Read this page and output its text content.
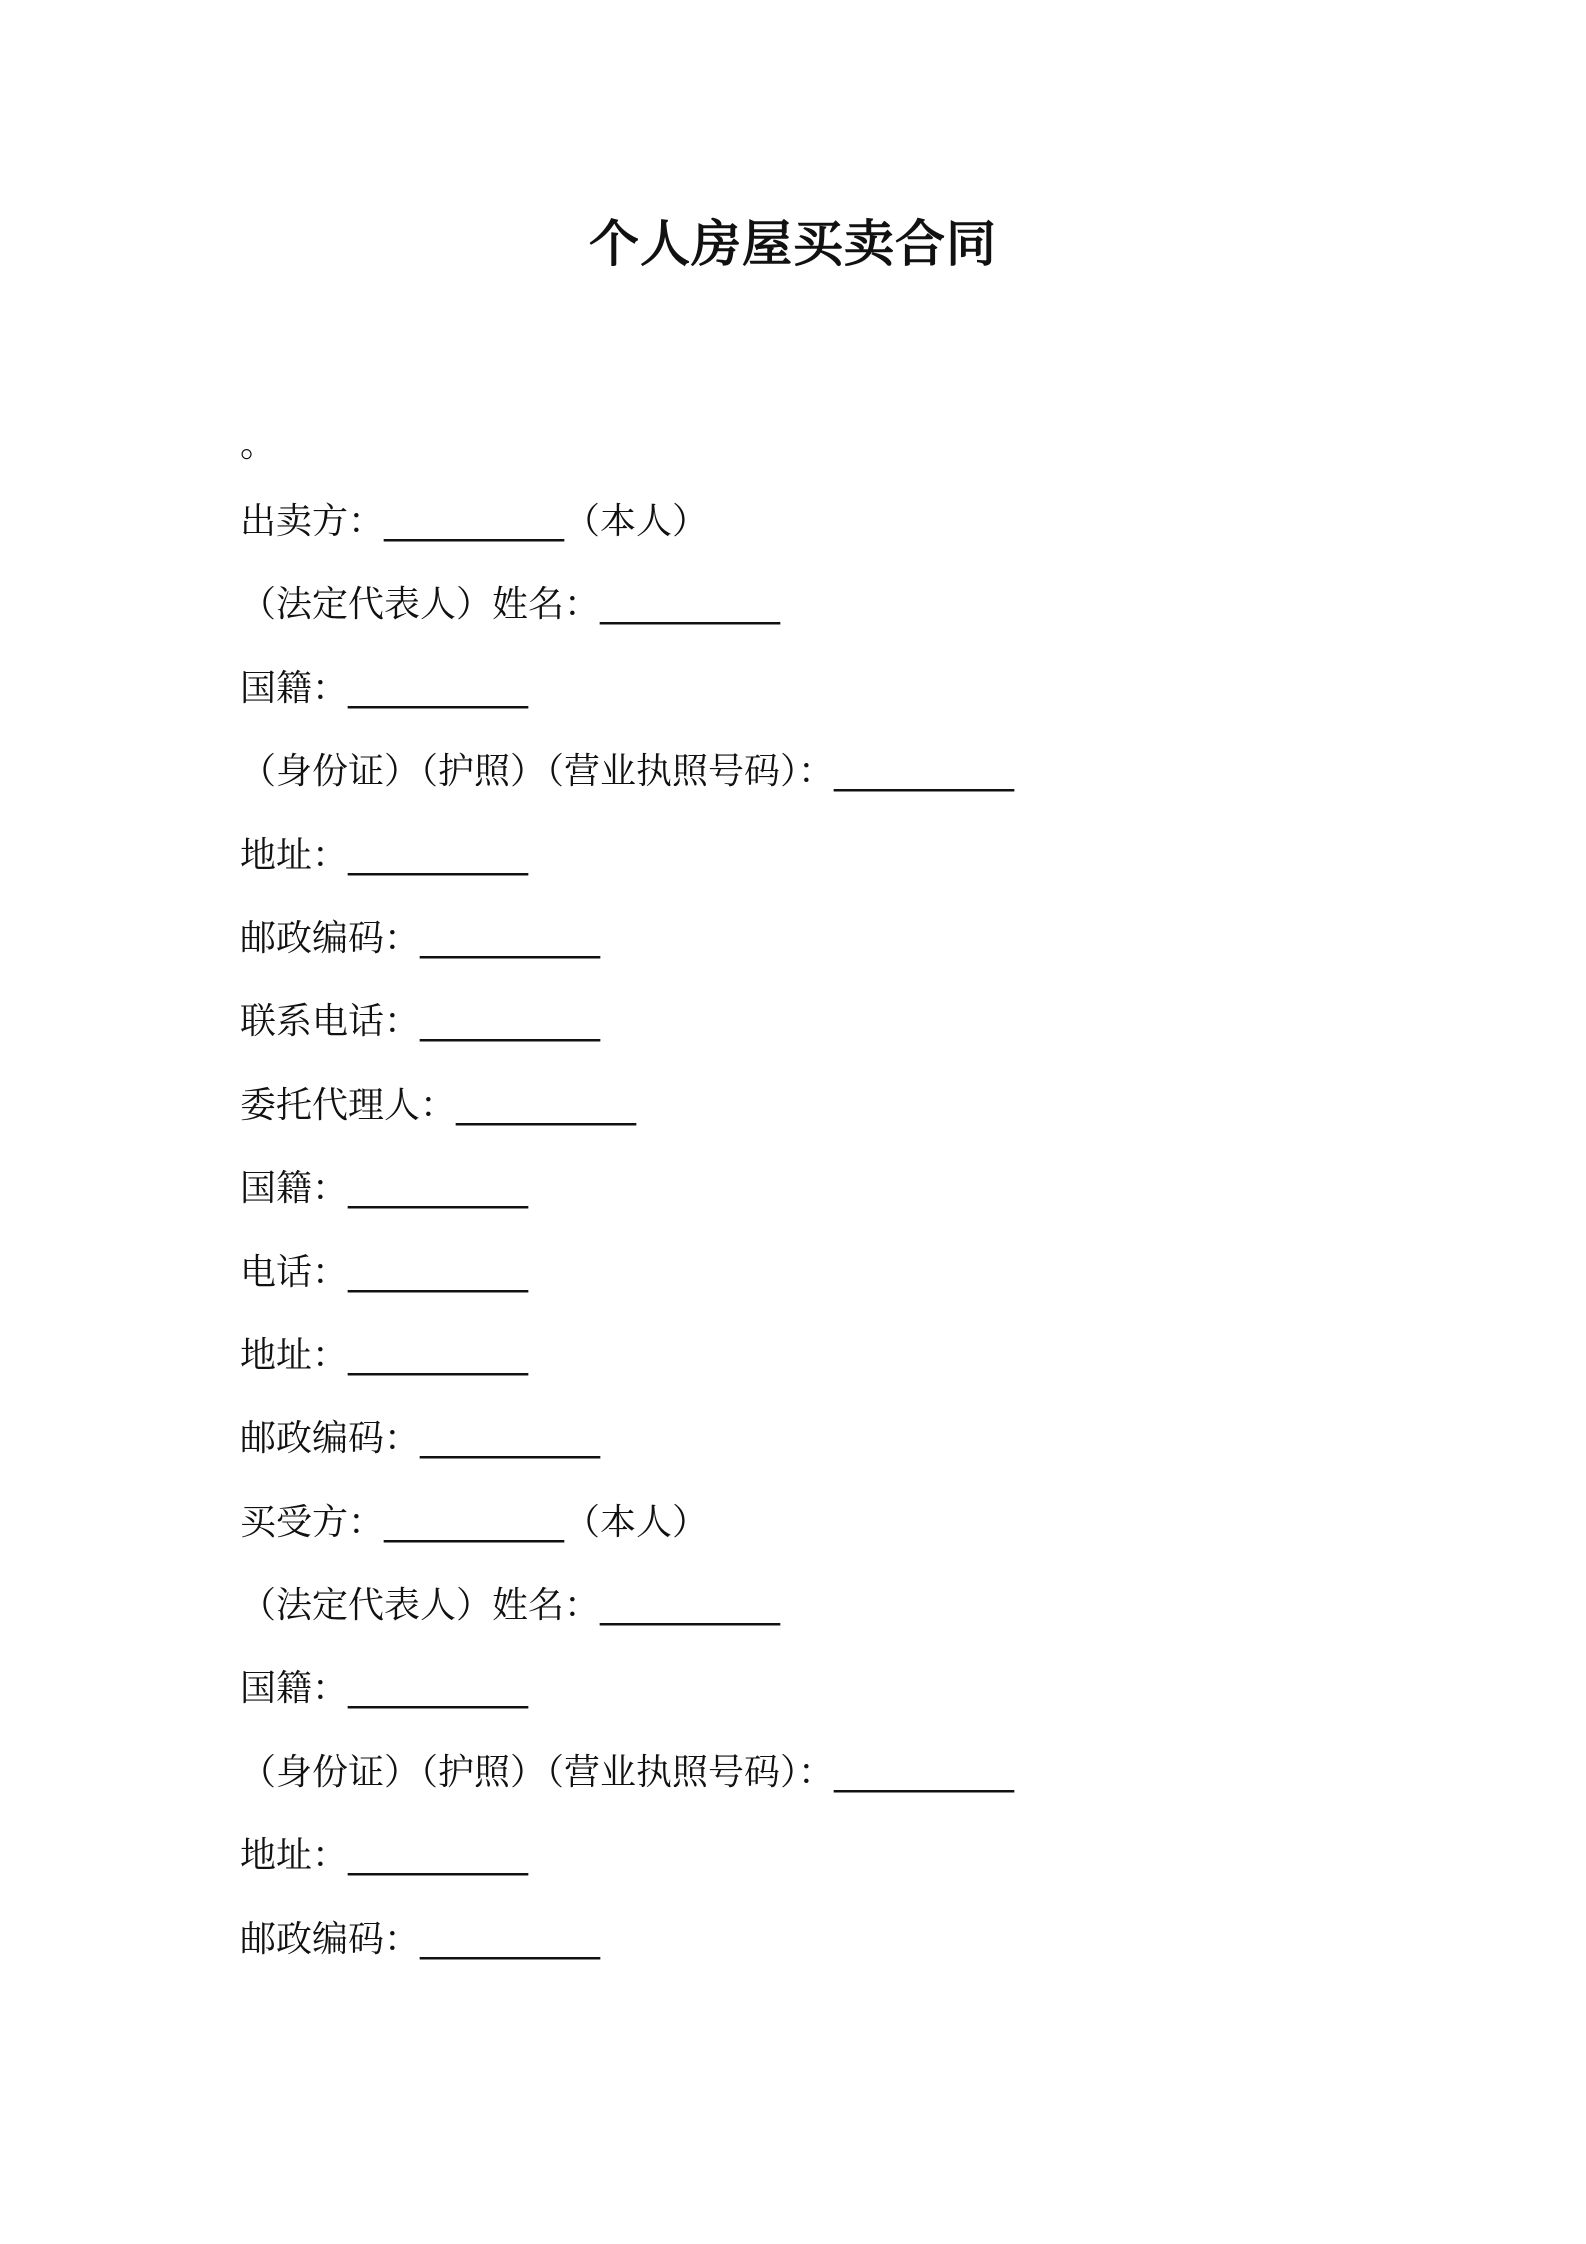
个人房屋买卖合同
。
出卖方：__________（本人）
（法定代表人）姓名：__________
国籍：__________
（身份证）（护照）（营业执照号码）：__________
地址：__________
邮政编码：__________
联系电话：__________
委托代理人：__________
国籍：__________
电话：__________
地址：__________
邮政编码：__________
买受方：__________（本人）
（法定代表人）姓名：__________
国籍：__________
（身份证）（护照）（营业执照号码）：__________
地址：__________
邮政编码：__________
